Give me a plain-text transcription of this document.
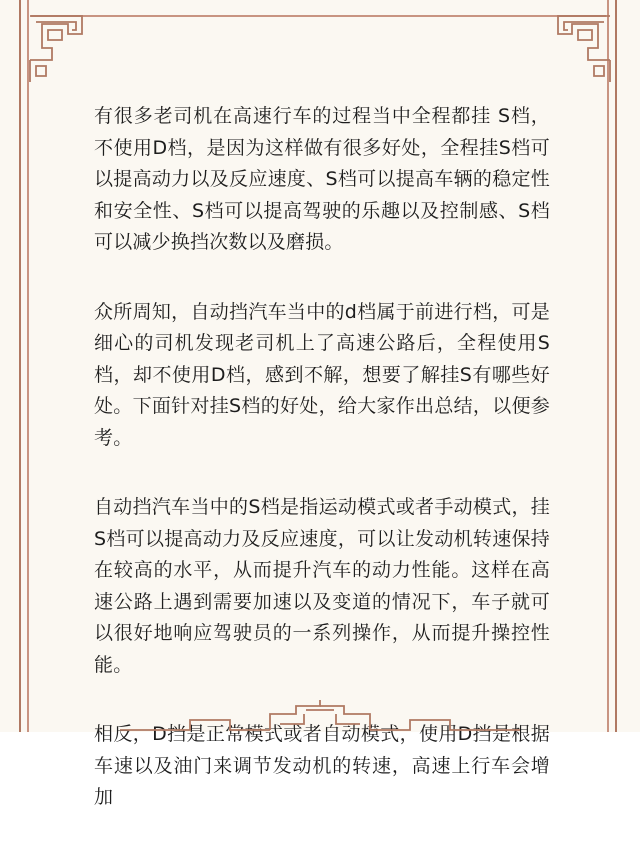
有很多老司机在高速行车的过程当中全程都挂 S档，不使用D档，是因为这样做有很多好处，全程挂S档可以提高动力以及反应速度、S档可以提高车辆的稳定性和安全性、S档可以提高驾驶的乐趣以及控制感、S档可以减少换挡次数以及磨损。

众所周知，自动挡汽车当中的d档属于前进行档，可是细心的司机发现老司机上了高速公路后，全程使用S档，却不使用D档，感到不解，想要了解挂S有哪些好处。下面针对挂S档的好处，给大家作出总结，以便参考。

自动挡汽车当中的S档是指运动模式或者手动模式，挂S档可以提高动力及反应速度，可以让发动机转速保持在较高的水平，从而提升汽车的动力性能。这样在高速公路上遇到需要加速以及变道的情况下，车子就可以很好地响应驾驶员的一系列操作，从而提升操控性能。

相反，D挡是正常模式或者自动模式，使用D挡是根据车速以及油门来调节发动机的转速，高速上行车会增加
